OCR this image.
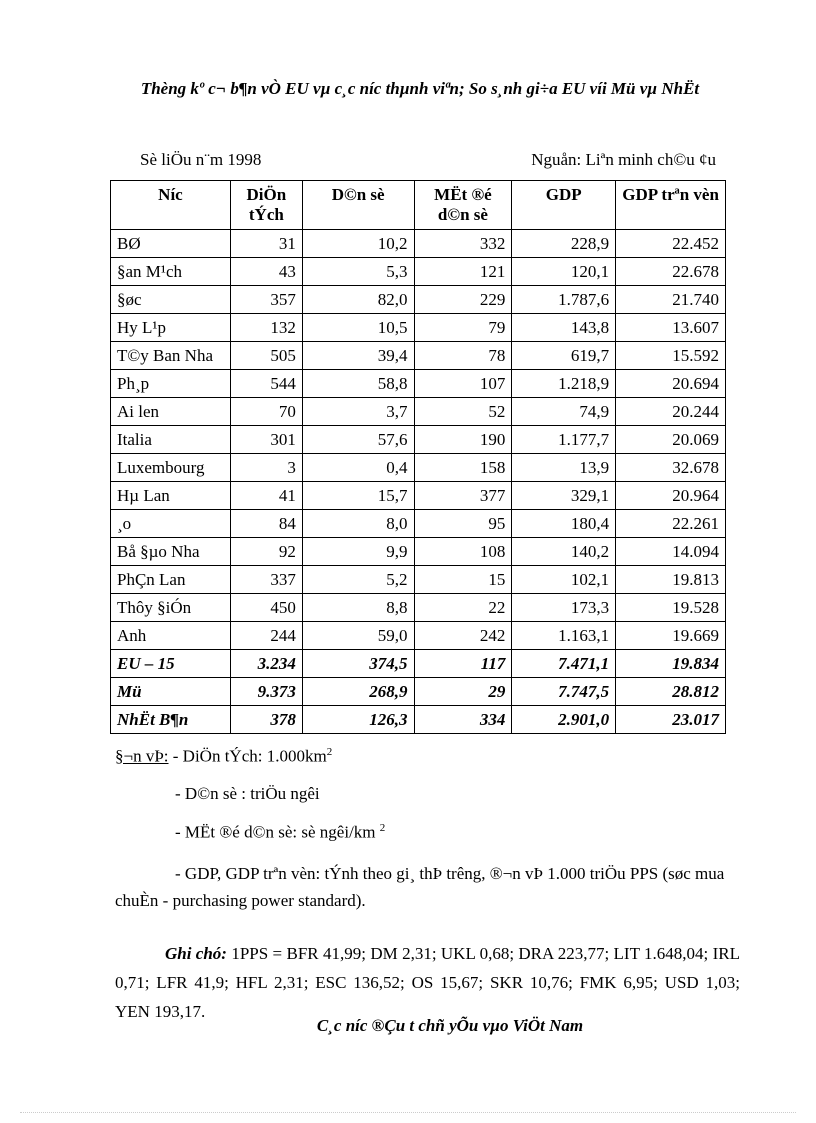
Thèng kº c¬ b¶n vÒ EU vµ c¸c níc thµnh viªn; So s¸nh gi÷a EU víi Mü vµ NhËt
Sè liÖu n¨m 1998	Nguån: Liªn minh ch©u ¢u
Níc	DiÖn tÝch	D©n sè	MËt ®é d©n sè	GDP	GDP trªn vèn
BØ	31	10,2	332	228,9	22.452
§an M¹ch	43	5,3	121	120,1	22.678
§øc	357	82,0	229	1.787,6	21.740
Hy L¹p	132	10,5	79	143,8	13.607
T©y Ban Nha	505	39,4	78	619,7	15.592
Ph¸p	544	58,8	107	1.218,9	20.694
Ai len	70	3,7	52	74,9	20.244
Italia	301	57,6	190	1.177,7	20.069
Luxembourg	3	0,4	158	13,9	32.678
Hµ Lan	41	15,7	377	329,1	20.964
¸o	84	8,0	95	180,4	22.261
Bå §µo Nha	92	9,9	108	140,2	14.094
PhÇn Lan	337	5,2	15	102,1	19.813
Thôy §iÓn	450	8,8	22	173,3	19.528
Anh	244	59,0	242	1.163,1	19.669
EU – 15	3.234	374,5	117	7.471,1	19.834
Mü	9.373	268,9	29	7.747,5	28.812
NhËt B¶n	378	126,3	334	2.901,0	23.017

§¬n vÞ: - DiÖn tÝch: $1.000km^2$

- D©n sè : triÖu ngêi

- MËt ®é d©n sè: sè ngêi/km $^2$

- GDP, GDP trªn vèn: tÝnh theo gi¸ thÞ trêng, ®¬n vÞ 1.000 triÖu PPS (søc mua chuÈn - purchasing power standard).

Ghi chó: 1PPS = BFR 41,99; DM 2,31; UKL 0,68; DRA 223,77; LIT 1.648,04; IRL 0,71; LFR 41,9; HFL 2,31; ESC 136,52; OS 15,67; SKR 10,76; FMK 6,95; USD 1,03; YEN 193,17.

C¸c níc ®Çu t chñ yÕu vµo ViÖt Nam
